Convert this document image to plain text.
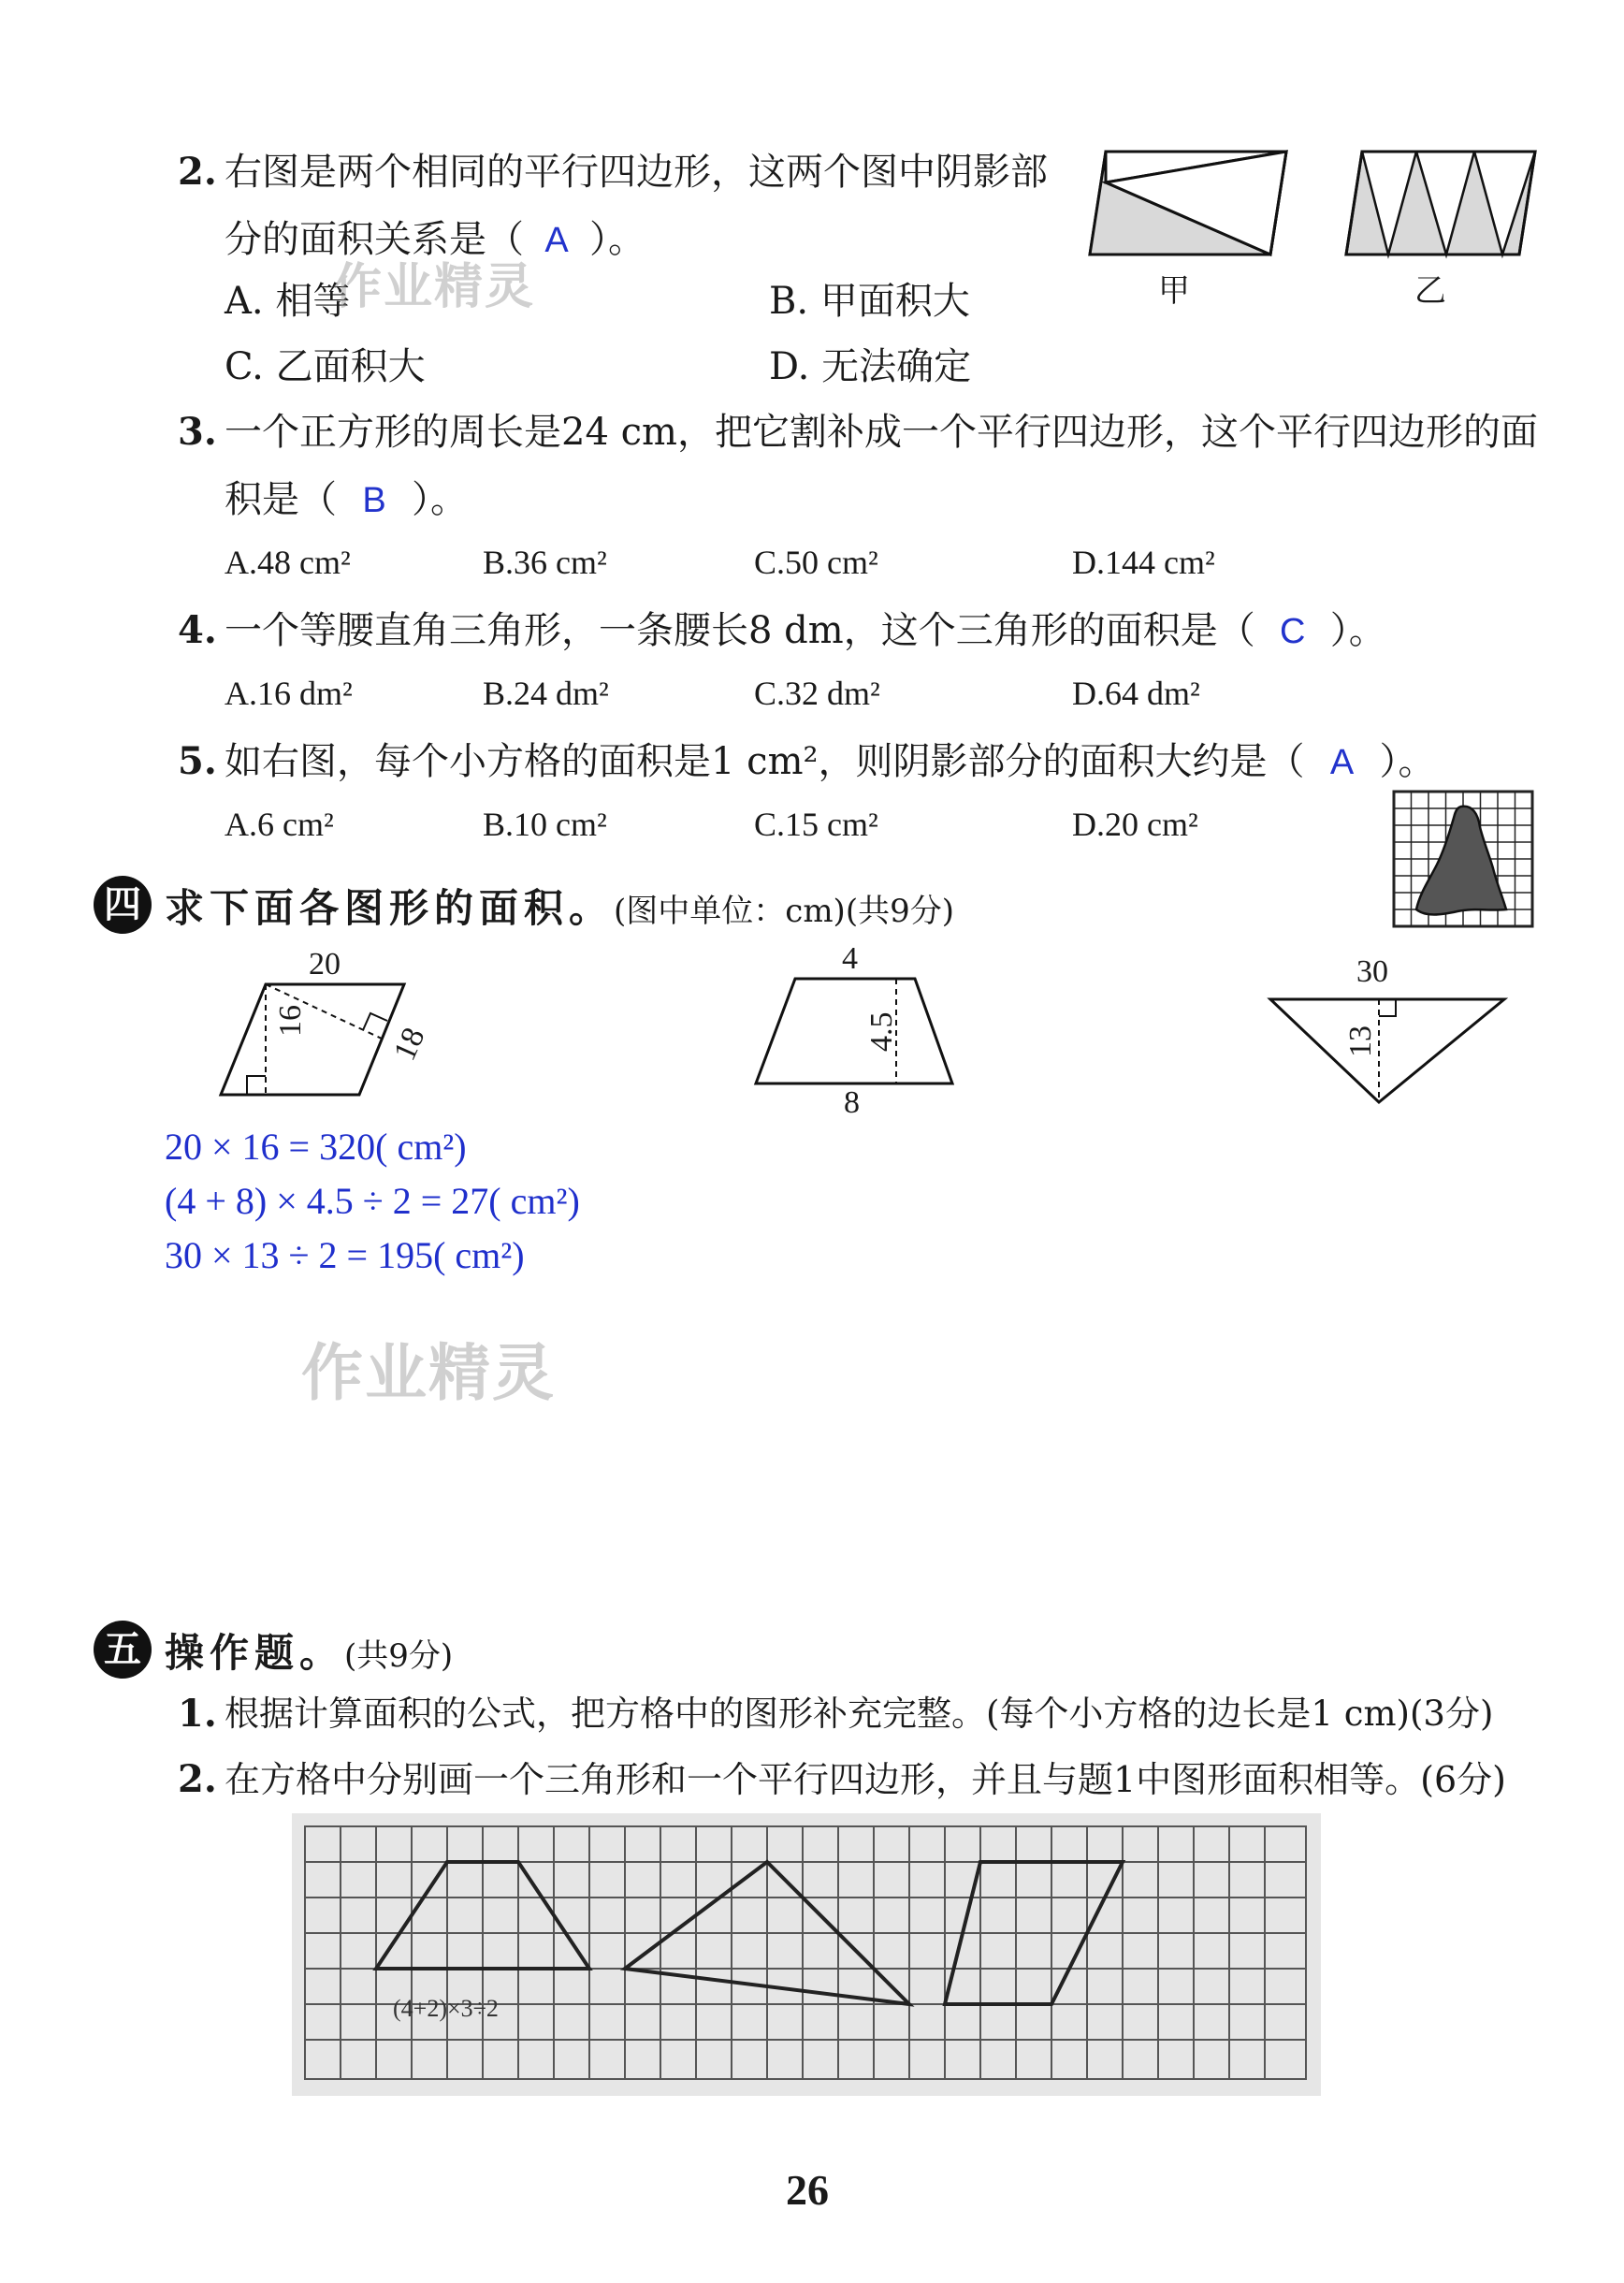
2. 右图是两个相同的平行四边形，这两个图中阴影部
分的面积关系是（ A ）。
A. 相等	B. 甲面积大
C. 乙面积大	D. 无法确定
甲	乙
3. 一个正方形的周长是24 cm，把它割补成一个平行四边形，这个平行四边形的面
积是（ B ）。
A.48 cm²	B.36 cm²	C.50 cm²	D.144 cm²
4. 一个等腰直角三角形，一条腰长8 dm，这个三角形的面积是（ C ）。
A.16 dm²	B.24 dm²	C.32 dm²	D.64 dm²
5. 如右图，每个小方格的面积是1 cm²，则阴影部分的面积大约是（ A ）。
A.6 cm²	B.10 cm²	C.15 cm²	D.20 cm²
四 求下面各图形的面积。(图中单位：cm)(共9分)
20
16
18
4
4.5
8
30
13
20 × 16 = 320( cm²)
(4 + 8) × 4.5 ÷ 2 = 27( cm²)
30 × 13 ÷ 2 = 195( cm²)
作业精灵
作业精灵
五 操作题。(共9分)
1. 根据计算面积的公式，把方格中的图形补充完整。(每个小方格的边长是1 cm)(3分)
2. 在方格中分别画一个三角形和一个平行四边形，并且与题1中图形面积相等。(6分)
(4+2)×3÷2
26
